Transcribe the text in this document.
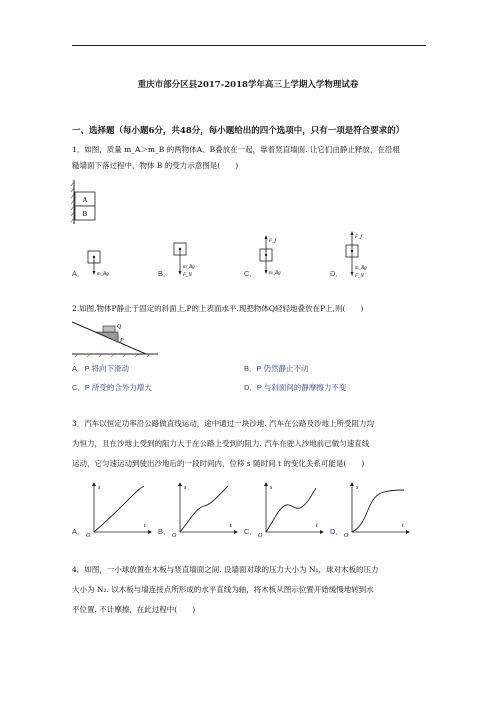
重庆市部分区县2017-2018学年高三上学期入学物理试卷
一、选择题（每小题6分，共48分，每小题给出的四个选项中，只有一项是符合要求的）
1．如图，质量 m_A＞m_B 的两物体A、B叠放在一起，靠着竖直墙面. 让它们由静止释放，在沿粗
糙墙面下落过程中，物体 B 的受力示意图是(　　)
A
B
A． m_Bg	B．
m_Bg
F_N	C．
F_f
m_Bg	D．
F_f
m_Bg
F_N
2.如图,物体P静止于固定的斜面上,P的上表面水平.现把物体Q轻轻地叠放在P上,则(　　)
Q
P
A．P 将向下滑动	B．P 仍然静止不动
C．P 所受的合外力增大	D．P 与斜面间的静摩擦力不变
3．汽车以恒定功率沿公路做直线运动，途中通过一块沙地. 汽车在公路及沙地上所受阻力均
为恒力，且在沙地上受到的阻力大于在公路上受到的阻力. 汽车在驶入沙地前已做匀速直线
运动，它匀速运动到驶出沙地后的一段时间内，位移 s 随时间 t 的变化关系可能是(　　)
A．
s
t
O	B．
s
t
O	C．
s
t
O	D．
s
t
O
4．如图，一小球放置在木板与竖直墙面之间. 设墙面对球的压力大小为 N₁，球对木板的压力
大小为 N₂. 以木板与墙连接点所形成的水平直线为轴，将木板从图示位置开始缓慢地转到水
平位置. 不计摩擦，在此过程中(　　)
